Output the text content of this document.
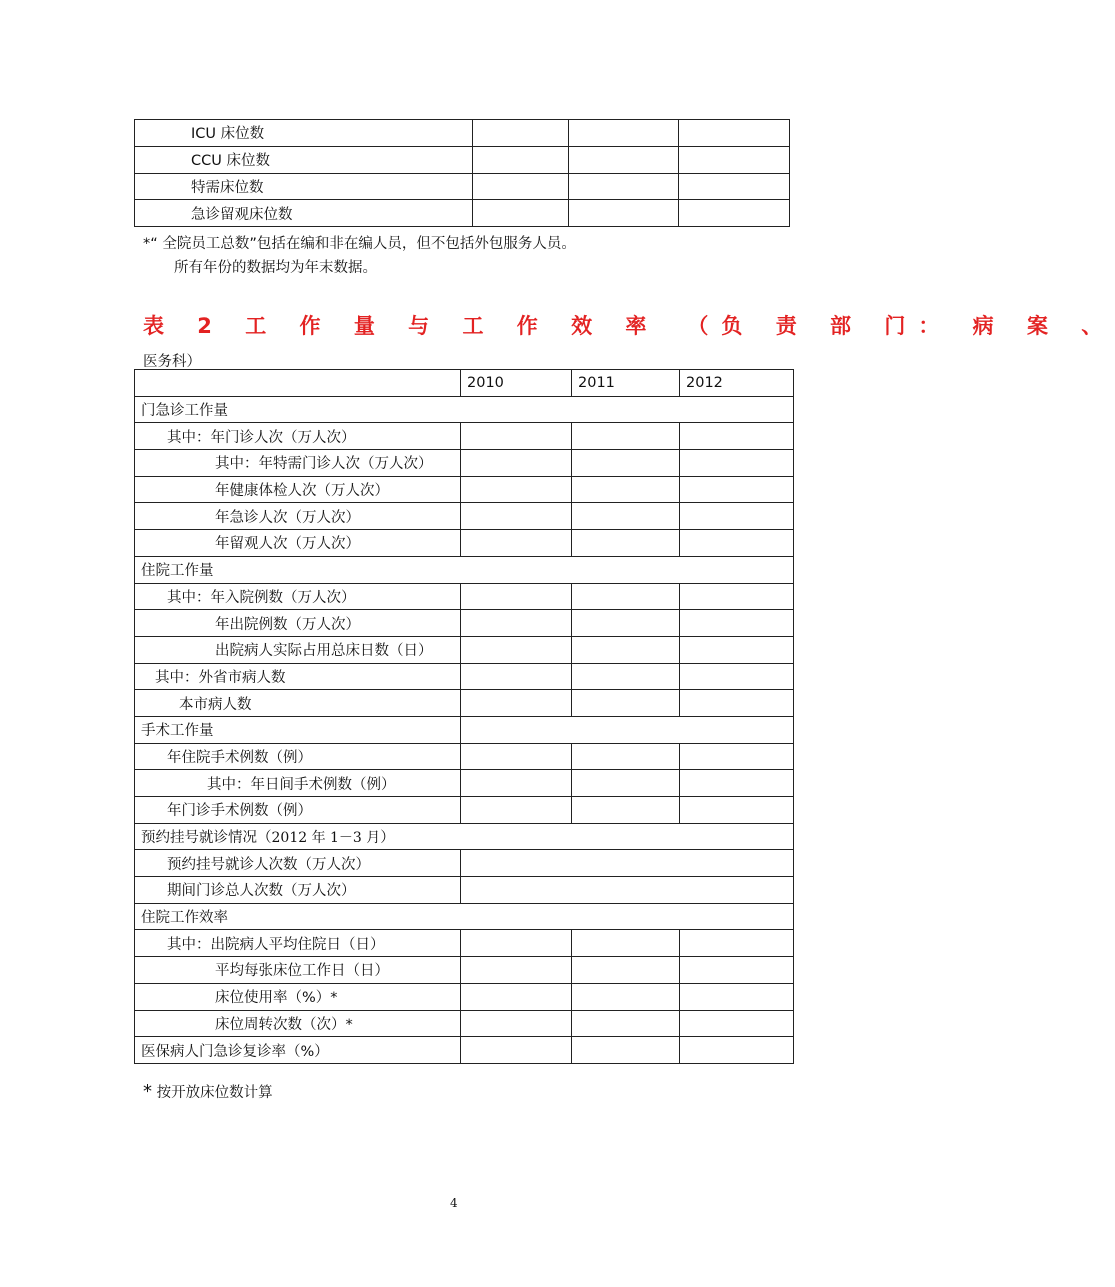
ICU 床位数			
CCU 床位数			
特需床位数			
急诊留观床位数			
*“ 全院员工总数”包括在编和非在编人员，但不包括外包服务人员。
所有年份的数据均为年末数据。
表 2 工 作 量 与 工 作 效 率 （负 责 部 门： 病 案 、
医务科）
	2010	2011	2012
门急诊工作量			
其中：年门诊人次（万人次）			
其中：年特需门诊人次（万人次）			
年健康体检人次（万人次）			
年急诊人次（万人次）			
年留观人次（万人次）			
住院工作量			
其中：年入院例数（万人次）			
年出院例数（万人次）			
出院病人实际占用总床日数（日）			
其中：外省市病人数			
本市病人数			
手术工作量			
年住院手术例数（例）			
其中：年日间手术例数（例）			
年门诊手术例数（例）			
预约挂号就诊情况（2012 年 1－3 月）			
预约挂号就诊人次数（万人次）			
期间门诊总人次数（万人次）			
住院工作效率			
其中：出院病人平均住院日（日）			
平均每张床位工作日（日）			
床位使用率（%）*			
床位周转次数（次）*			
医保病人门急诊复诊率（%）			
* 按开放床位数计算
4
